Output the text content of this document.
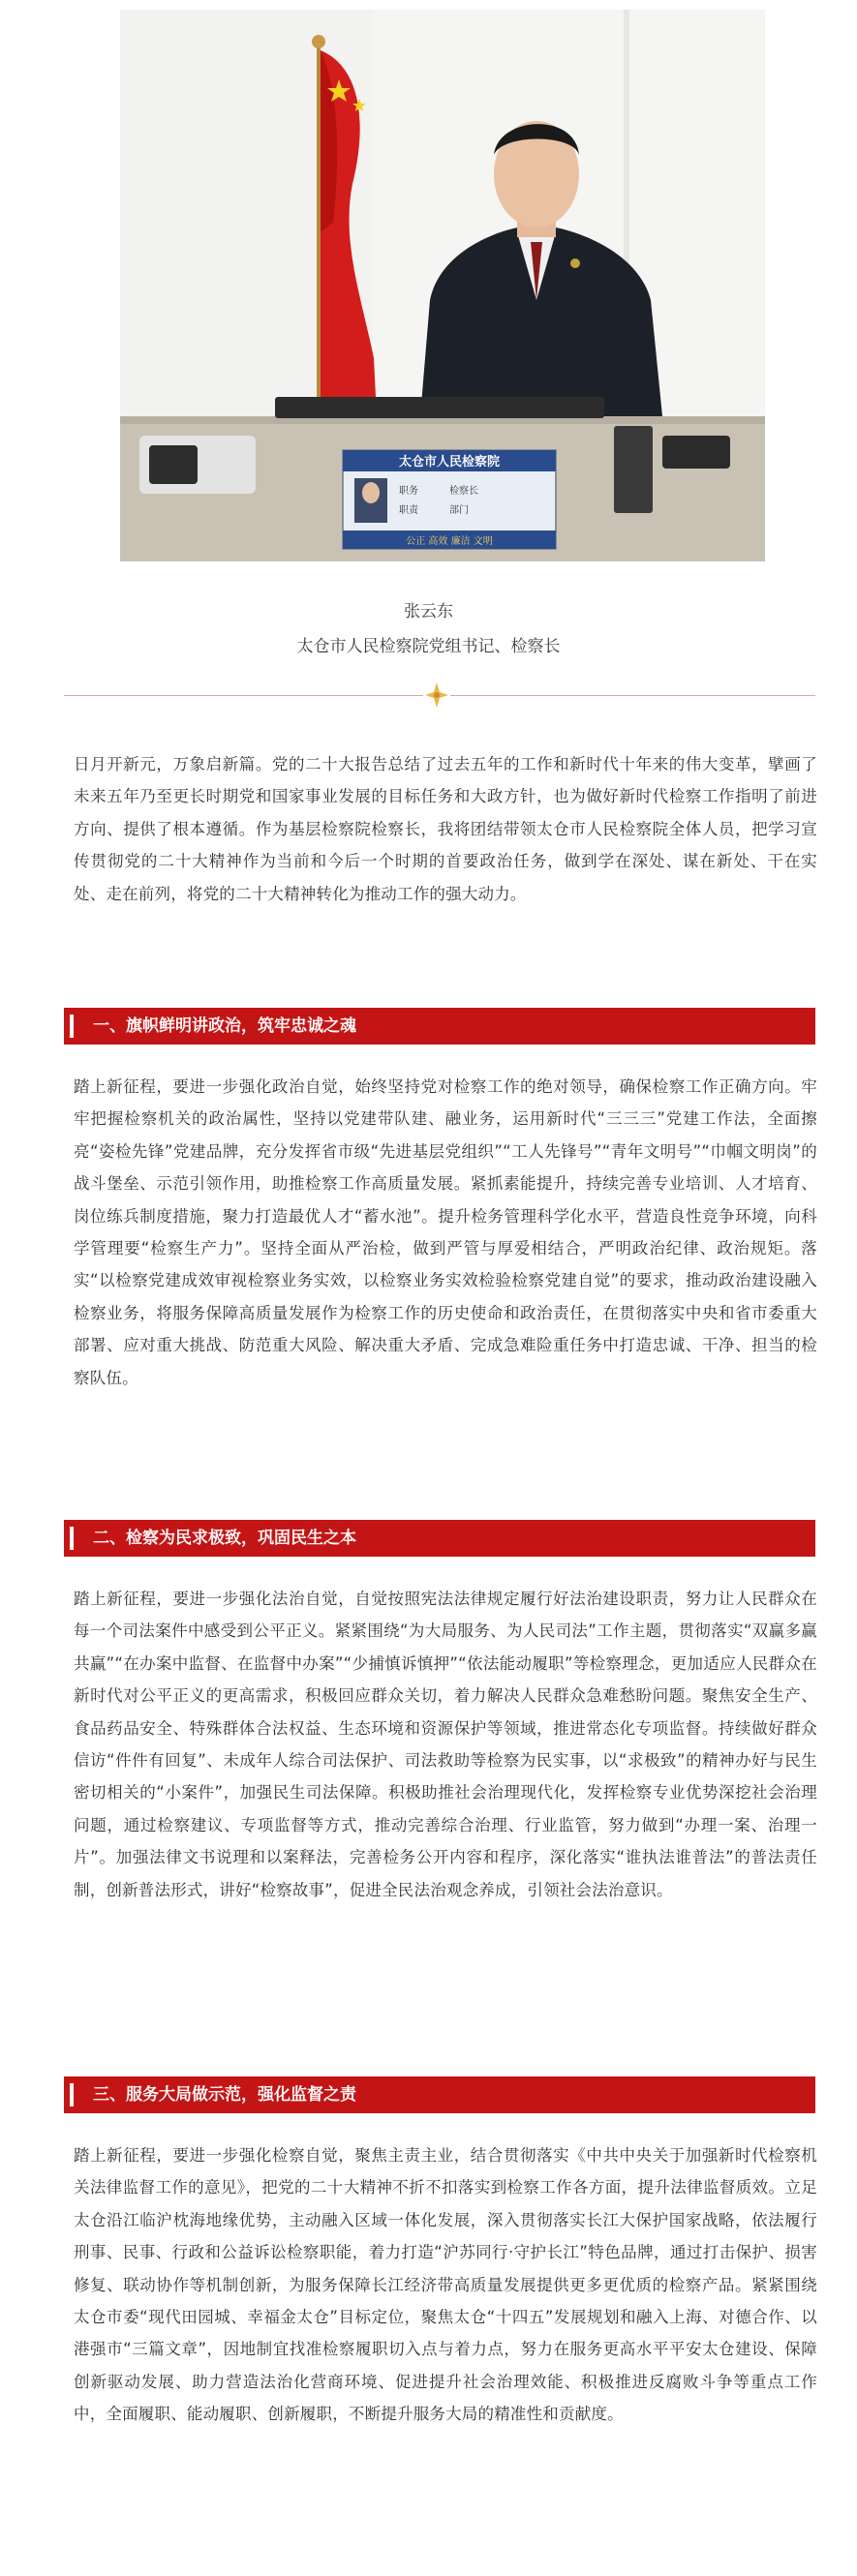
太仓市人民检察院
职务	检察长
职责	部门
公正 高效 廉洁 文明
张云东
太仓市人民检察院党组书记、检察长
日月开新元，万象启新篇。党的二十大报告总结了过去五年的工作和新时代十年来的伟大变革，擘画了未来五年乃至更长时期党和国家事业发展的目标任务和大政方针，也为做好新时代检察工作指明了前进方向、提供了根本遵循。作为基层检察院检察长，我将团结带领太仓市人民检察院全体人员，把学习宣传贯彻党的二十大精神作为当前和今后一个时期的首要政治任务，做到学在深处、谋在新处、干在实处、走在前列，将党的二十大精神转化为推动工作的强大动力。
一、旗帜鲜明讲政治，筑牢忠诚之魂
踏上新征程，要进一步强化政治自觉，始终坚持党对检察工作的绝对领导，确保检察工作正确方向。牢牢把握检察机关的政治属性，坚持以党建带队建、融业务，运用新时代“三三三”党建工作法，全面擦亮“姿检先锋”党建品牌，充分发挥省市级“先进基层党组织”“工人先锋号”“青年文明号”“巾帼文明岗”的战斗堡垒、示范引领作用，助推检察工作高质量发展。紧抓素能提升，持续完善专业培训、人才培育、岗位练兵制度措施，聚力打造最优人才“蓄水池”。提升检务管理科学化水平，营造良性竞争环境，向科学管理要“检察生产力”。坚持全面从严治检，做到严管与厚爱相结合，严明政治纪律、政治规矩。落实“以检察党建成效审视检察业务实效，以检察业务实效检验检察党建自觉”的要求，推动政治建设融入检察业务，将服务保障高质量发展作为检察工作的历史使命和政治责任，在贯彻落实中央和省市委重大部署、应对重大挑战、防范重大风险、解决重大矛盾、完成急难险重任务中打造忠诚、干净、担当的检察队伍。
二、检察为民求极致，巩固民生之本
踏上新征程，要进一步强化法治自觉，自觉按照宪法法律规定履行好法治建设职责，努力让人民群众在每一个司法案件中感受到公平正义。紧紧围绕“为大局服务、为人民司法”工作主题，贯彻落实“双赢多赢共赢”“在办案中监督、在监督中办案”“少捕慎诉慎押”“依法能动履职”等检察理念，更加适应人民群众在新时代对公平正义的更高需求，积极回应群众关切，着力解决人民群众急难愁盼问题。聚焦安全生产、食品药品安全、特殊群体合法权益、生态环境和资源保护等领域，推进常态化专项监督。持续做好群众信访“件件有回复”、未成年人综合司法保护、司法救助等检察为民实事，以“求极致”的精神办好与民生密切相关的“小案件”，加强民生司法保障。积极助推社会治理现代化，发挥检察专业优势深挖社会治理问题，通过检察建议、专项监督等方式，推动完善综合治理、行业监管，努力做到“办理一案、治理一片”。加强法律文书说理和以案释法，完善检务公开内容和程序，深化落实“谁执法谁普法”的普法责任制，创新普法形式，讲好“检察故事”，促进全民法治观念养成，引领社会法治意识。
三、服务大局做示范，强化监督之责
踏上新征程，要进一步强化检察自觉，聚焦主责主业，结合贯彻落实《中共中央关于加强新时代检察机关法律监督工作的意见》，把党的二十大精神不折不扣落实到检察工作各方面，提升法律监督质效。立足太仓沿江临沪枕海地缘优势，主动融入区域一体化发展，深入贯彻落实长江大保护国家战略，依法履行刑事、民事、行政和公益诉讼检察职能，着力打造“沪苏同行·守护长江”特色品牌，通过打击保护、损害修复、联动协作等机制创新，为服务保障长江经济带高质量发展提供更多更优质的检察产品。紧紧围绕太仓市委“现代田园城、幸福金太仓”目标定位，聚焦太仓“十四五”发展规划和融入上海、对德合作、以港强市“三篇文章”，因地制宜找准检察履职切入点与着力点，努力在服务更高水平平安太仓建设、保障创新驱动发展、助力营造法治化营商环境、促进提升社会治理效能、积极推进反腐败斗争等重点工作中，全面履职、能动履职、创新履职，不断提升服务大局的精准性和贡献度。
